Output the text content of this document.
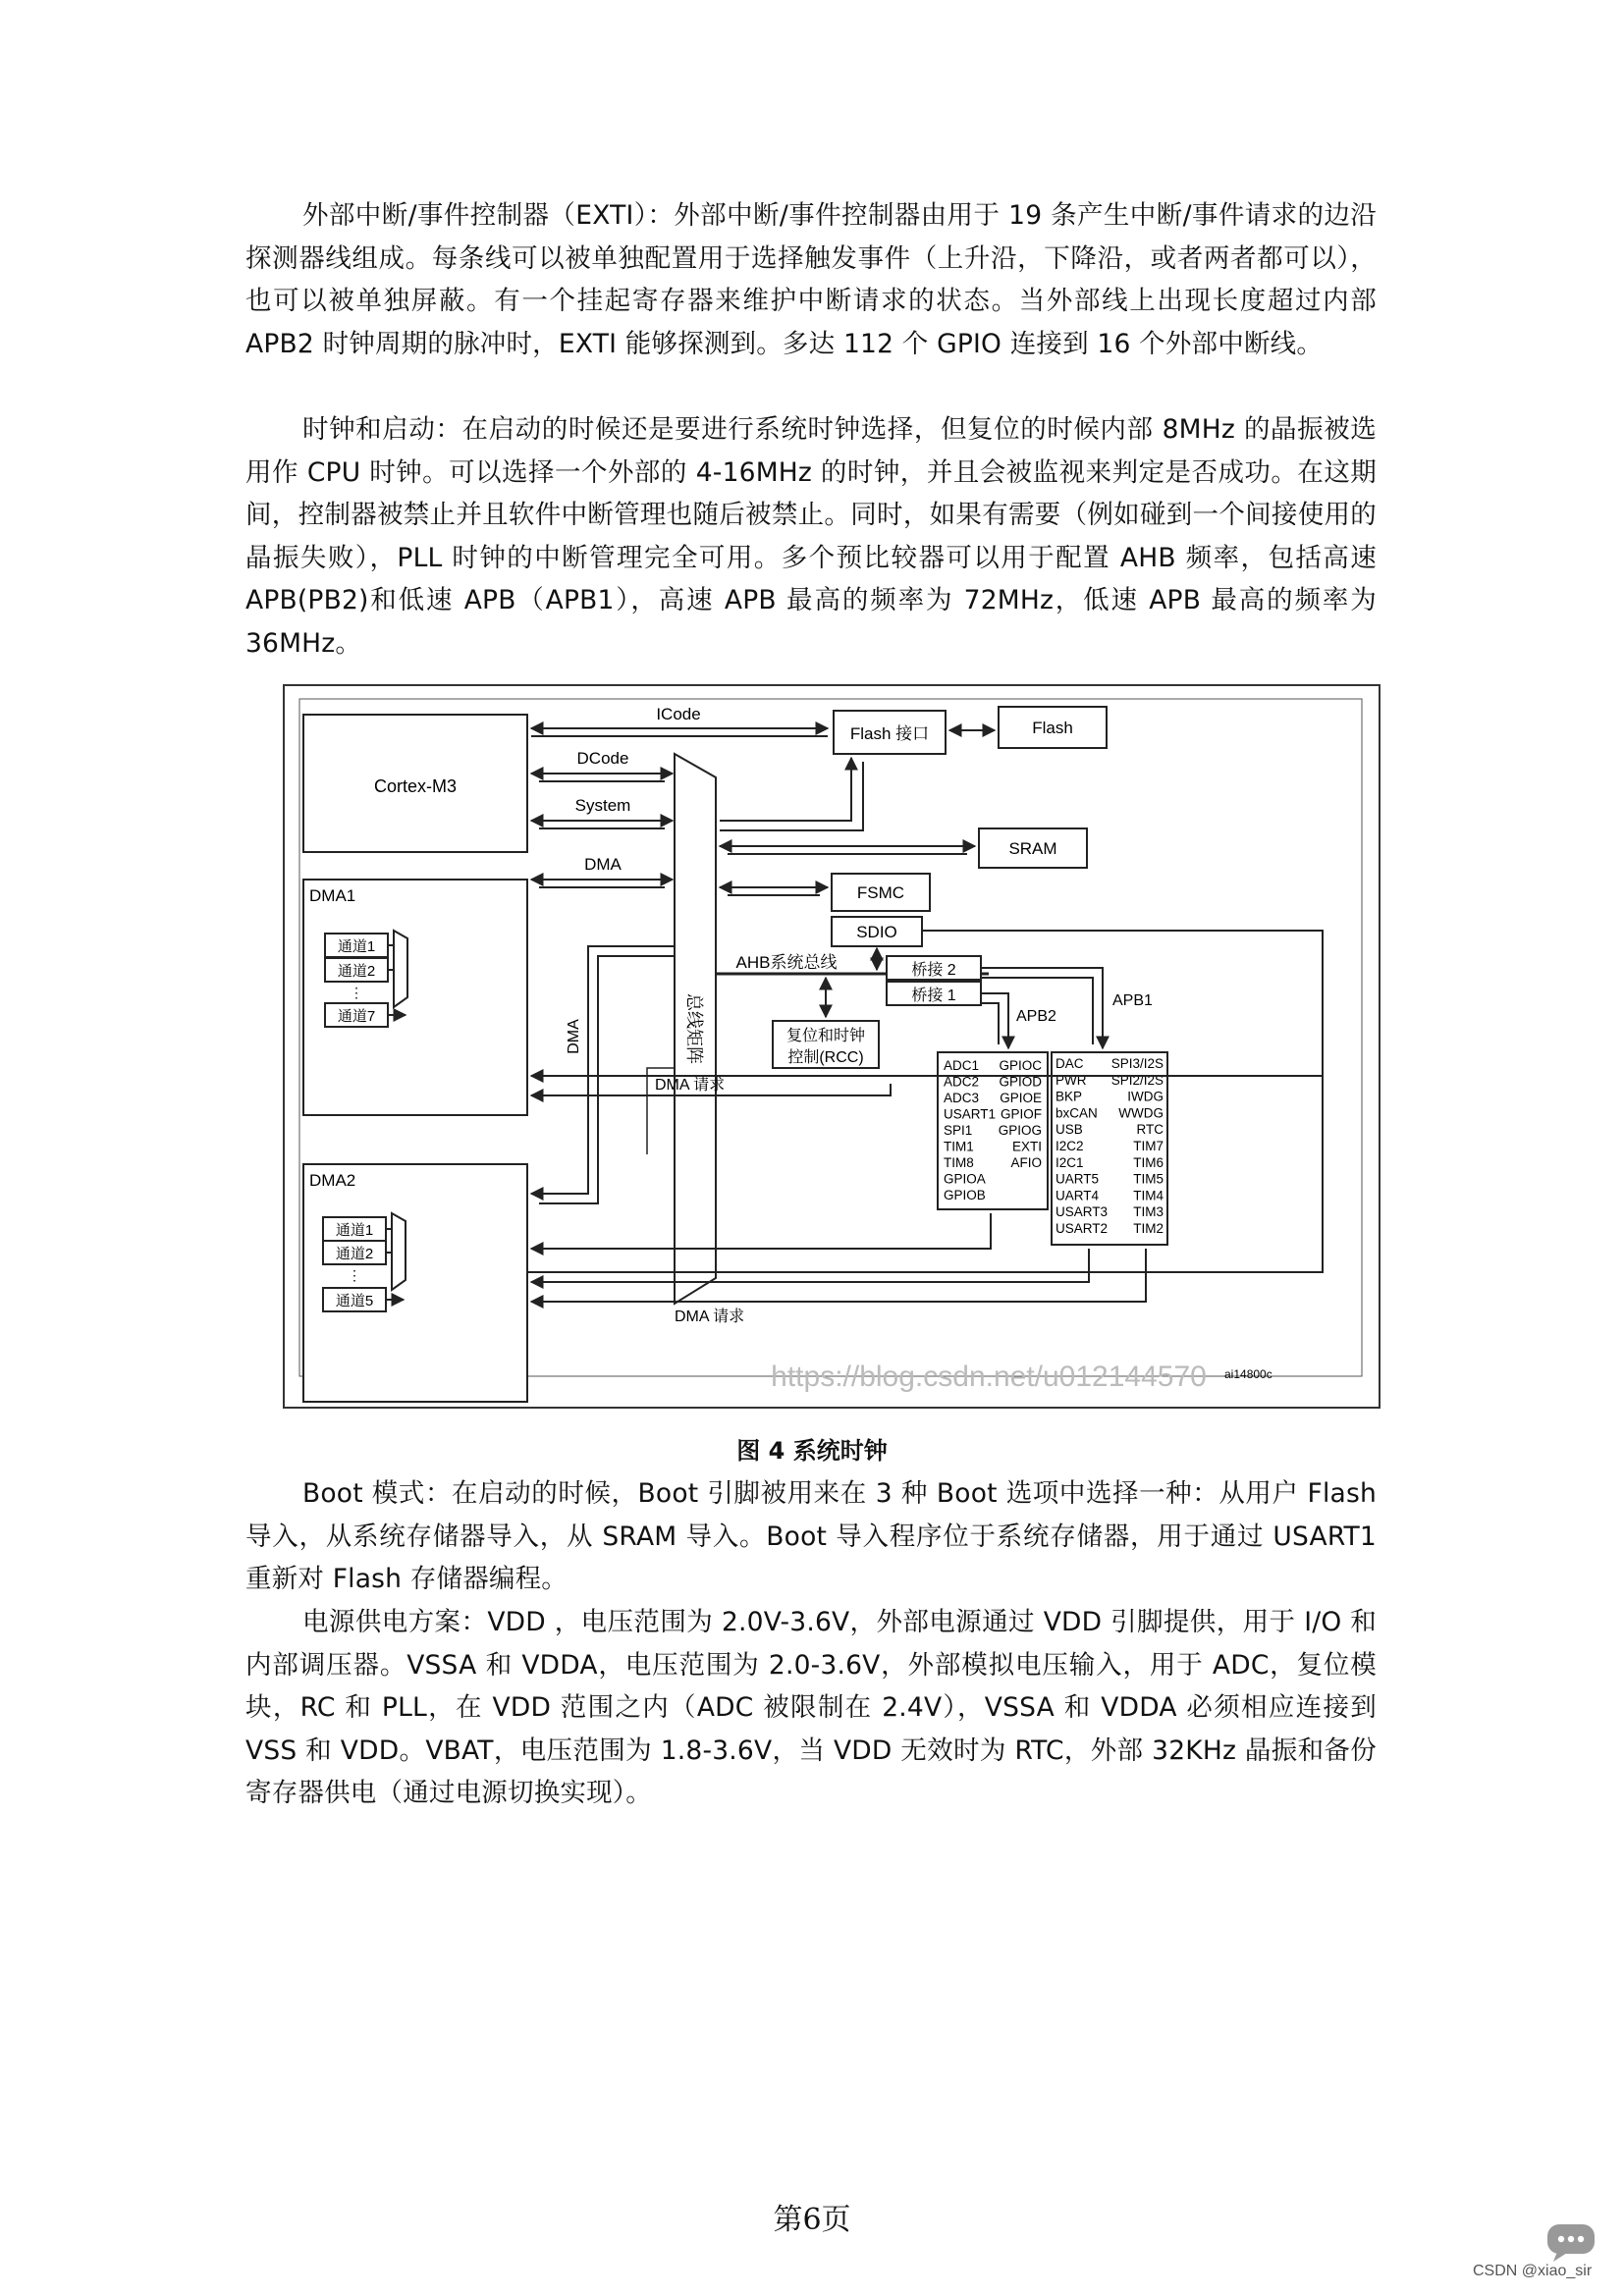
外部中断/事件控制器（EXTI）：外部中断/事件控制器由用于 19 条产生中断/事件请求的边沿探测器线组成。每条线可以被单独配置用于选择触发事件（上升沿，下降沿，或者两者都可以），也可以被单独屏蔽。有一个挂起寄存器来维护中断请求的状态。当外部线上出现长度超过内部 APB2 时钟周期的脉冲时，EXTI 能够探测到。多达 112 个 GPIO 连接到 16 个外部中断线。

时钟和启动：在启动的时候还是要进行系统时钟选择，但复位的时候内部 8MHz 的晶振被选用作 CPU 时钟。可以选择一个外部的 4-16MHz 的时钟，并且会被监视来判定是否成功。在这期间，控制器被禁止并且软件中断管理也随后被禁止。同时，如果有需要（例如碰到一个间接使用的晶振失败），PLL 时钟的中断管理完全可用。多个预比较器可以用于配置 AHB 频率，包括高速 APB(PB2)和低速 APB（APB1），高速 APB 最高的频率为 72MHz，低速 APB 最高的频率为 36MHz。

Cortex-M3
总线矩阵
ICode
DCode
System
DMA
Flash 接口	Flash
SRAM
FSMC
SDIO
AHB系统总线	桥接 2
桥接 1	APB1
APB2
复位和时钟
控制(RCC)	ADC1
ADC2
ADC3
USART1
SPI1
TIM1
TIM8
GPIOA
GPIOB
GPIOC
GPIOD
GPIOE
GPIOF
GPIOG
EXTI
AFIO
DAC
PWR
BKP
bxCAN
USB
I2C2
I2C1
UART5
UART4
USART3
USART2
SPI3/I2S
SPI2/I2S
IWDG
WWDG
RTC
TIM7
TIM6
TIM5
TIM4
TIM3
TIM2
DMA1
通道1
通道2
通道7
⋮
DMA2
通道1
通道2
通道5
⋮
DMA
DMA 请求
DMA 请求
ai14800c
https://blog.csdn.net/u012144570
图 4 系统时钟

Boot 模式：在启动的时候，Boot 引脚被用来在 3 种 Boot 选项中选择一种：从用户 Flash 导入，从系统存储器导入，从 SRAM 导入。Boot 导入程序位于系统存储器，用于通过 USART1 重新对 Flash 存储器编程。

电源供电方案：VDD ，电压范围为 2.0V-3.6V，外部电源通过 VDD 引脚提供，用于 I/O 和内部调压器。VSSA 和 VDDA，电压范围为 2.0-3.6V，外部模拟电压输入，用于 ADC，复位模块，RC 和 PLL，在 VDD 范围之内（ADC 被限制在 2.4V），VSSA 和 VDDA 必须相应连接到 VSS 和 VDD。VBAT，电压范围为 1.8-3.6V，当 VDD 无效时为 RTC，外部 32KHz 晶振和备份寄存器供电（通过电源切换实现）。

第6页
CSDN @xiao_sir
